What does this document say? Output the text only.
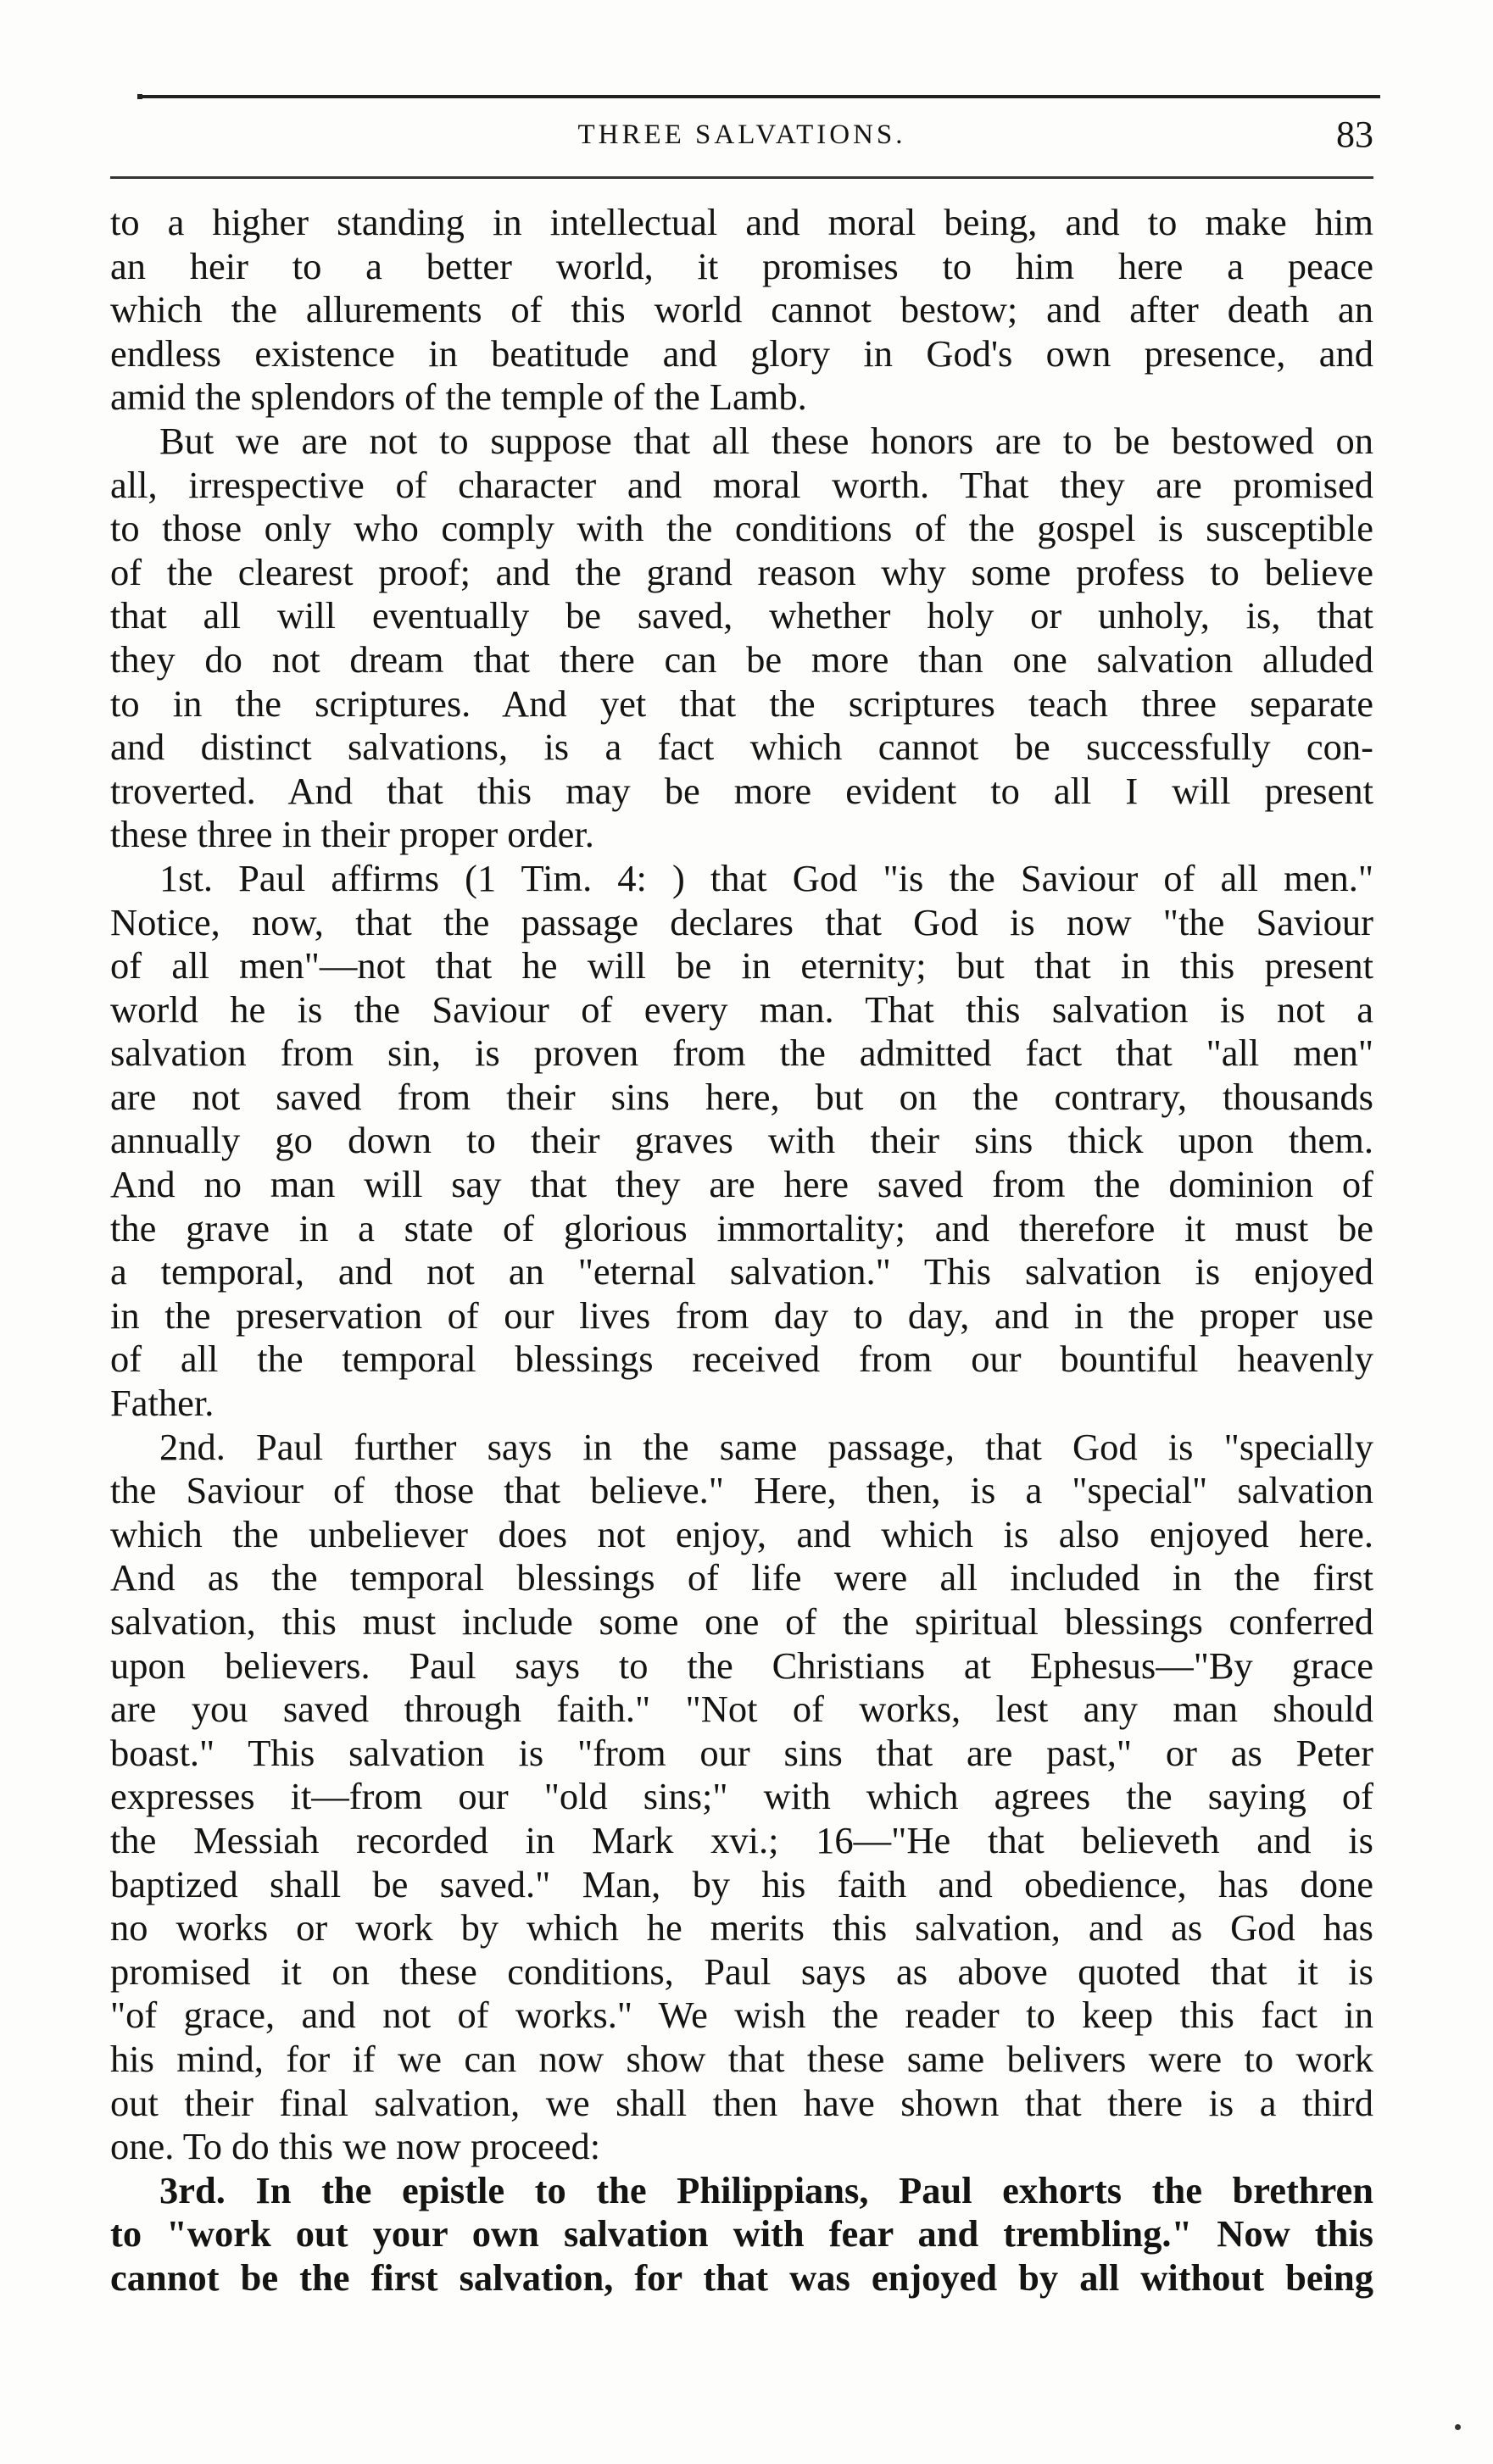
THREE SALVATIONS.	83
to a higher standing in intellectual and moral being, and to make him
an heir to a better world, it promises to him here a peace
which the allurements of this world cannot bestow; and after death an
endless existence in beatitude and glory in God's own presence, and
amid the splendors of the temple of the Lamb.
But we are not to suppose that all these honors are to be bestowed on
all, irrespective of character and moral worth. That they are promised
to those only who comply with the conditions of the gospel is susceptible
of the clearest proof; and the grand reason why some profess to believe
that all will eventually be saved, whether holy or unholy, is, that
they do not dream that there can be more than one salvation alluded
to in the scriptures. And yet that the scriptures teach three separate
and distinct salvations, is a fact which cannot be successfully con-
troverted. And that this may be more evident to all I will present
these three in their proper order.
1st. Paul affirms (1 Tim. 4: ) that God "is the Saviour of all men."
Notice, now, that the passage declares that God is now "the Saviour
of all men"—not that he will be in eternity; but that in this present
world he is the Saviour of every man. That this salvation is not a
salvation from sin, is proven from the admitted fact that "all men"
are not saved from their sins here, but on the contrary, thousands
annually go down to their graves with their sins thick upon them.
And no man will say that they are here saved from the dominion of
the grave in a state of glorious immortality; and therefore it must be
a temporal, and not an "eternal salvation." This salvation is enjoyed
in the preservation of our lives from day to day, and in the proper use
of all the temporal blessings received from our bountiful heavenly
Father.
2nd. Paul further says in the same passage, that God is "specially
the Saviour of those that believe." Here, then, is a "special" salvation
which the unbeliever does not enjoy, and which is also enjoyed here.
And as the temporal blessings of life were all included in the first
salvation, this must include some one of the spiritual blessings conferred
upon believers. Paul says to the Christians at Ephesus—"By grace
are you saved through faith." "Not of works, lest any man should
boast." This salvation is "from our sins that are past," or as Peter
expresses it—from our "old sins;" with which agrees the saying of
the Messiah recorded in Mark xvi.; 16—"He that believeth and is
baptized shall be saved." Man, by his faith and obedience, has done
no works or work by which he merits this salvation, and as God has
promised it on these conditions, Paul says as above quoted that it is
"of grace, and not of works." We wish the reader to keep this fact in
his mind, for if we can now show that these same belivers were to work
out their final salvation, we shall then have shown that there is a third
one. To do this we now proceed:
3rd. In the epistle to the Philippians, Paul exhorts the brethren
to "work out your own salvation with fear and trembling." Now this
cannot be the first salvation, for that was enjoyed by all without being
